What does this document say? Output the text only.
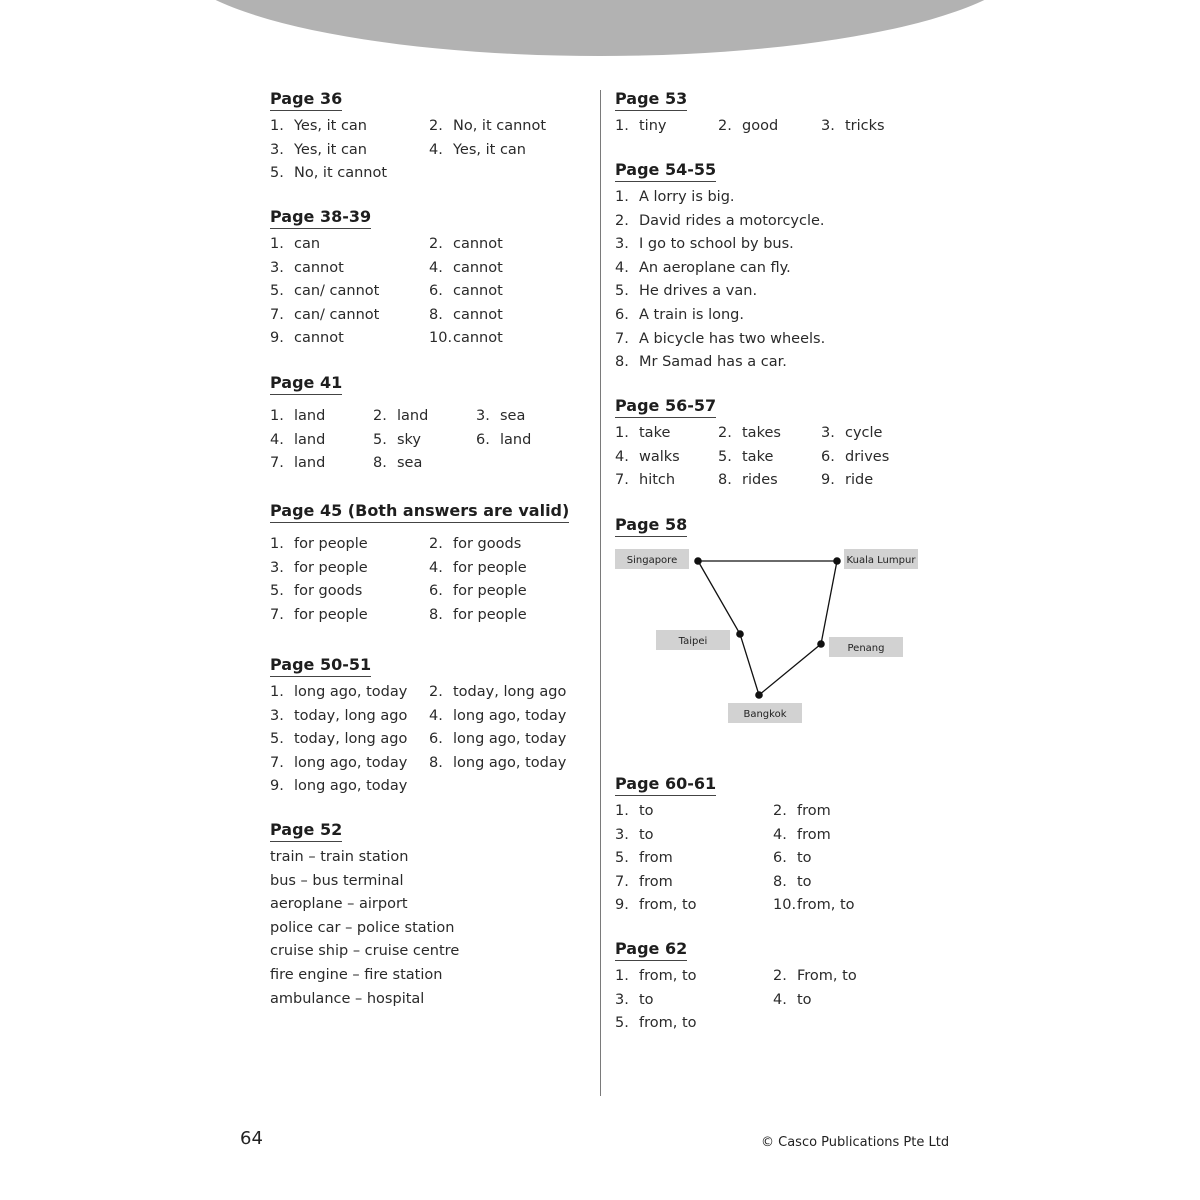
Page 36
1. Yes, it can	2. No, it cannot
3. Yes, it can	4. Yes, it can
5. No, it cannot
Page 38-39
1. can	2. cannot
3. cannot	4. cannot
5. can/ cannot	6. cannot
7. can/ cannot	8. cannot
9. cannot	10.cannot
Page 41
1. land	2. land	3. sea
4. land	5. sky	6. land
7. land	8. sea
Page 45 (Both answers are valid)
1. for people	2. for goods
3. for people	4. for people
5. for goods	6. for people
7. for people	8. for people
Page 50-51
1. long ago, today	2. today, long ago
3. today, long ago	4. long ago, today
5. today, long ago	6. long ago, today
7. long ago, today	8. long ago, today
9. long ago, today
Page 52
train – train station
bus – bus terminal
aeroplane – airport
police car – police station
cruise ship – cruise centre
fire engine – fire station
ambulance – hospital
Page 53
1. tiny	2. good	3. tricks
Page 54-55
1. A lorry is big.
2. David rides a motorcycle.
3. I go to school by bus.
4. An aeroplane can fly.
5. He drives a van.
6. A train is long.
7. A bicycle has two wheels.
8. Mr Samad has a car.
Page 56-57
1. take	2. takes	3. cycle
4. walks	5. take	6. drives
7. hitch	8. rides	9. ride
Page 58
Page 60-61
1. to	2. from
3. to	4. from
5. from	6. to
7. from	8. to
9. from, to	10.from, to
Page 62
1. from, to	2. From, to
3. to	4. to
5. from, to
Singapore	Kuala Lumpur
Taipei
Penang
Bangkok
64	© Casco Publications Pte Ltd
